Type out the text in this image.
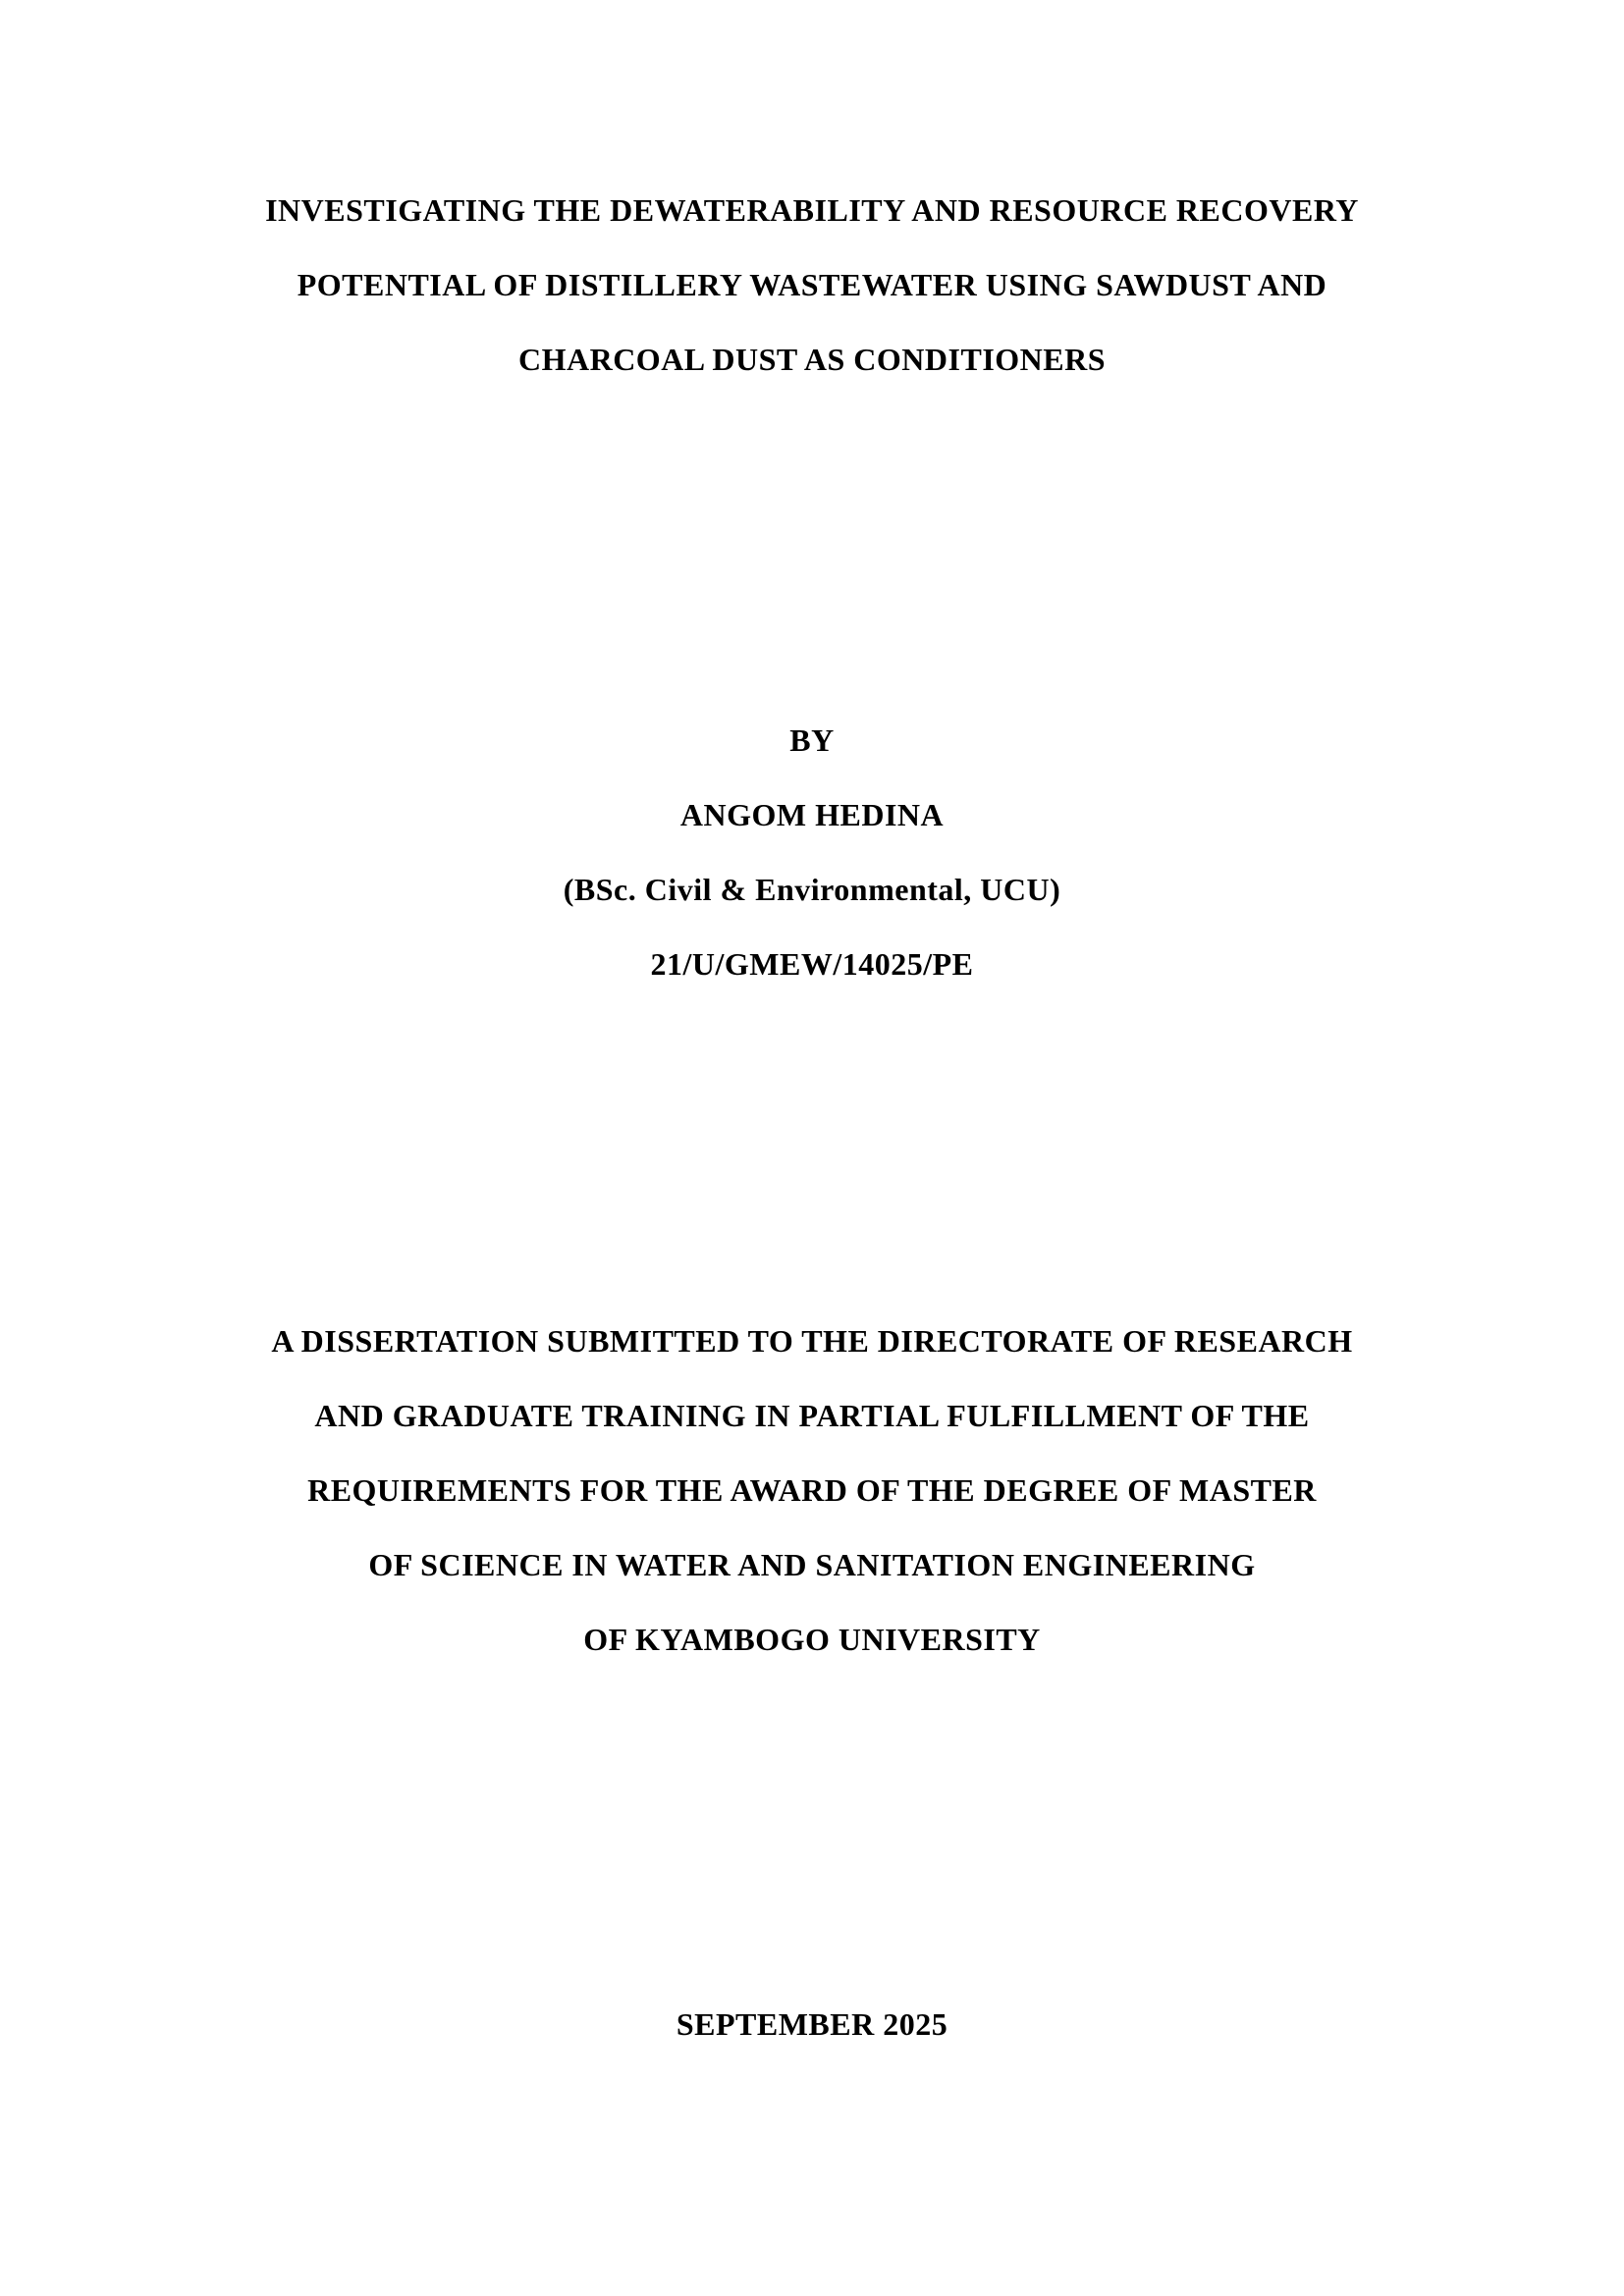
INVESTIGATING THE DEWATERABILITY AND RESOURCE RECOVERY
POTENTIAL OF DISTILLERY WASTEWATER USING SAWDUST AND
CHARCOAL DUST AS CONDITIONERS
BY
ANGOM HEDINA
(BSc. Civil & Environmental, UCU)
21/U/GMEW/14025/PE
A DISSERTATION SUBMITTED TO THE DIRECTORATE OF RESEARCH
AND GRADUATE TRAINING IN PARTIAL FULFILLMENT OF THE
REQUIREMENTS FOR THE AWARD OF THE DEGREE OF MASTER
OF SCIENCE IN WATER AND SANITATION ENGINEERING
OF KYAMBOGO UNIVERSITY
SEPTEMBER 2025
